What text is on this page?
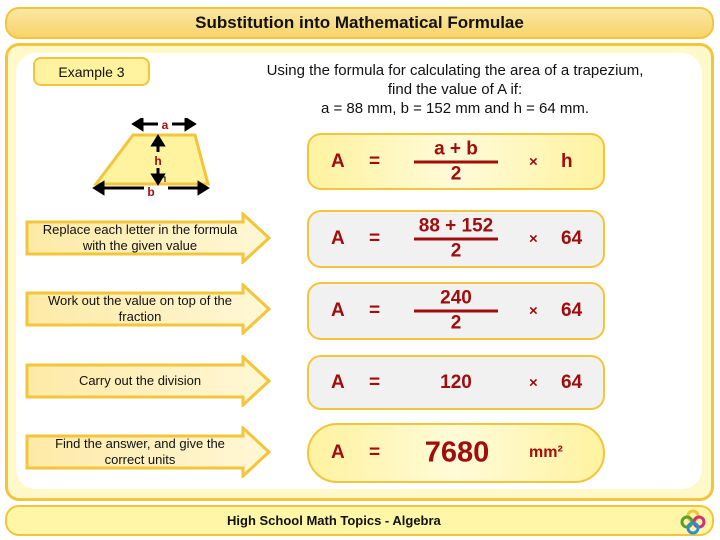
Substitution into Mathematical Formulae
Example 3	Using the formula for calculating the area of a trapezium,
find the value of A if:
a = 88 mm, b = 152 mm and h = 64 mm.
a
h
b
$A = \frac{a + b}{2} \times h$
$A = \frac{88 + 152}{2} \times 64$
$A = \frac{240}{2} \times 64$
A =	120	× 64
A =	7680	mm²
Replace each letter in the formula with the given value
Work out the value on top of the fraction
Carry out the division
Find the answer, and give the correct units
High School Math Topics - Algebra
